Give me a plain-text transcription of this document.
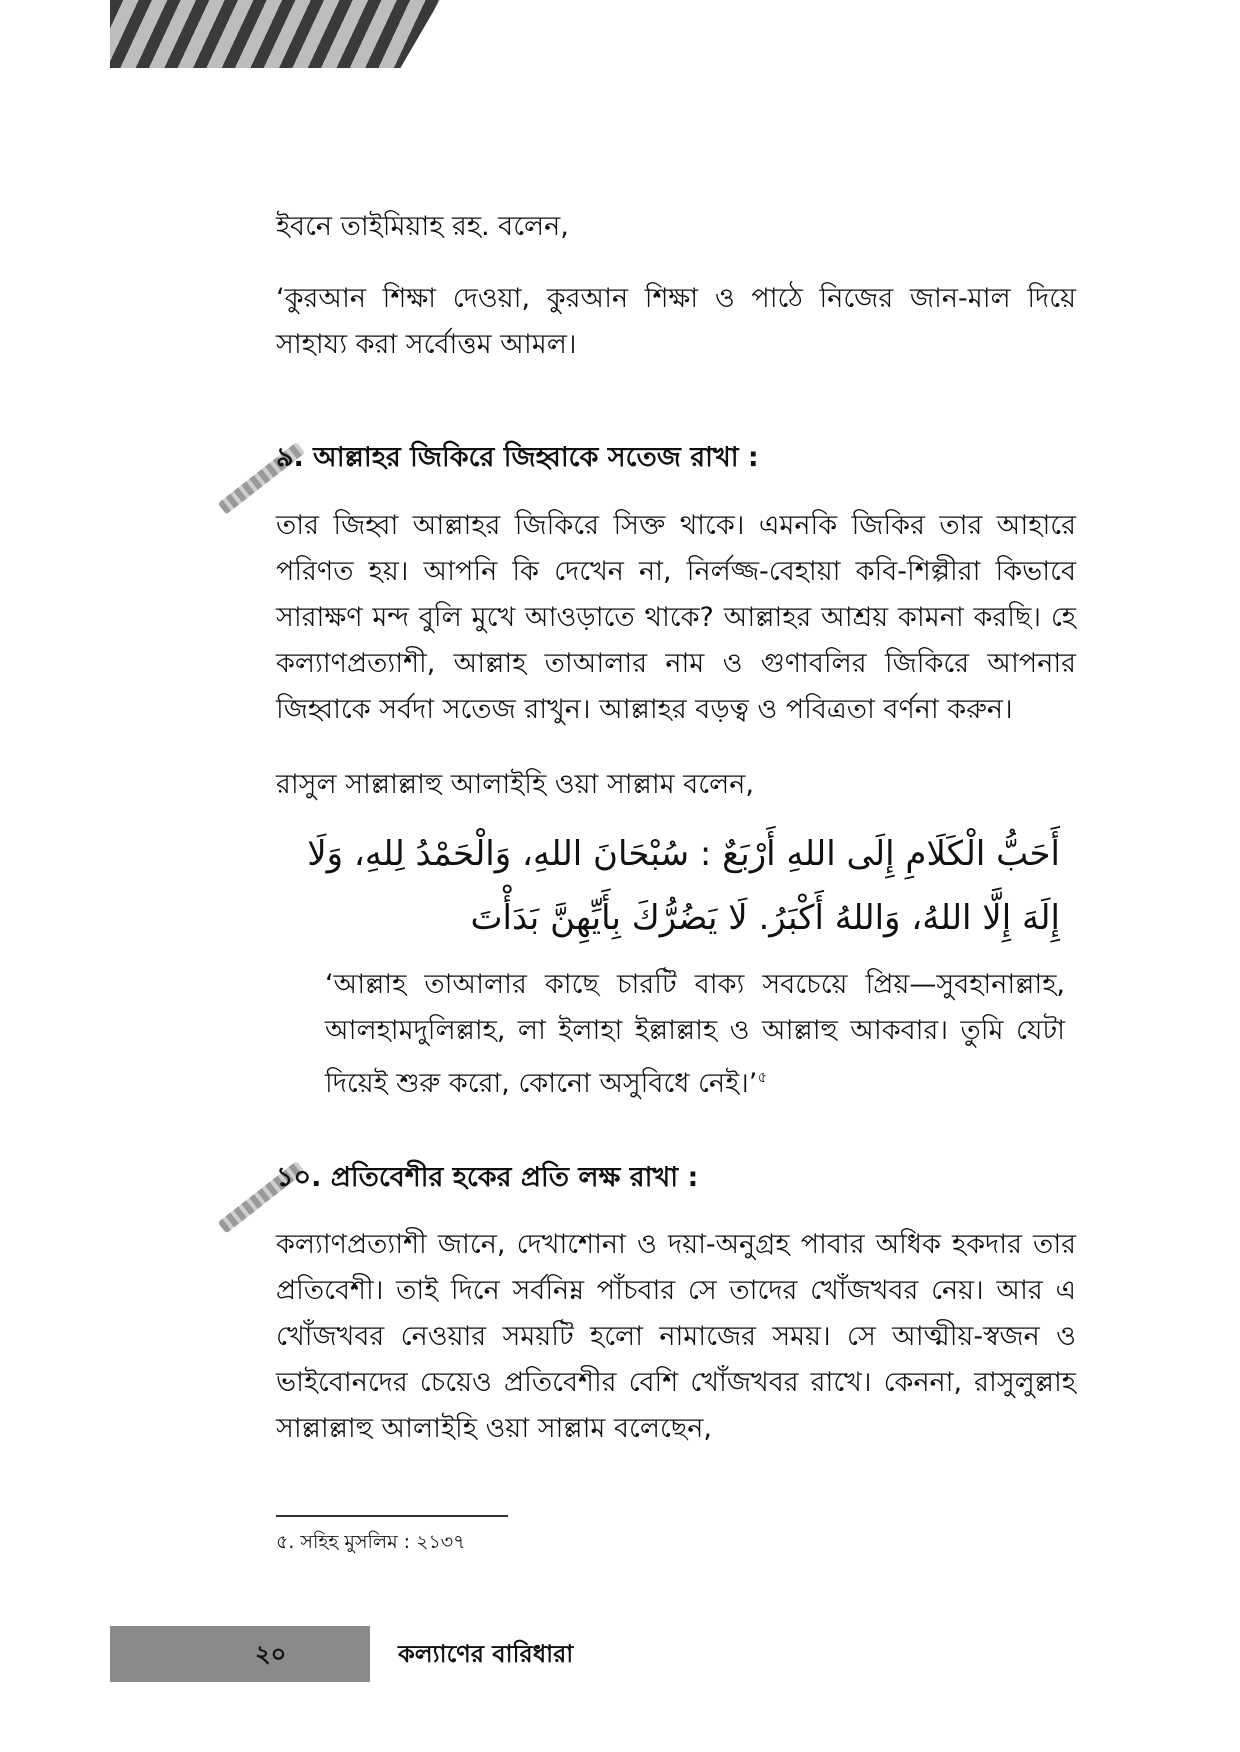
ইবনে তাইমিয়াহ রহ. বলেন,

‘কুরআন শিক্ষা দেওয়া, কুরআন শিক্ষা ও পাঠে নিজের জান-মাল দিয়ে সাহায্য করা সর্বোত্তম আমল।

৯. আল্লাহর জিকিরে জিহ্বাকে সতেজ রাখা :

তার জিহ্বা আল্লাহর জিকিরে সিক্ত থাকে। এমনকি জিকির তার আহারে পরিণত হয়। আপনি কি দেখেন না, নির্লজ্জ-বেহায়া কবি-শিল্পীরা কিভাবে সারাক্ষণ মন্দ বুলি মুখে আওড়াতে থাকে? আল্লাহর আশ্রয় কামনা করছি। হে কল্যাণপ্রত্যাশী, আল্লাহ তাআলার নাম ও গুণাবলির জিকিরে আপনার জিহ্বাকে সর্বদা সতেজ রাখুন। আল্লাহর বড়ত্ব ও পবিত্রতা বর্ণনা করুন।

রাসুল সাল্লাল্লাহু আলাইহি ওয়া সাল্লাম বলেন,

أَحَبُّ الْكَلَامِ إِلَى اللهِ أَرْبَعٌ : سُبْحَانَ اللهِ، وَالْحَمْدُ لِلهِ، وَلَا إِلَهَ إِلَّا اللهُ، وَاللهُ أَكْبَرُ. لَا يَضُرُّكَ بِأَيِّهِنَّ بَدَأْتَ

‘আল্লাহ তাআলার কাছে চারটি বাক্য সবচেয়ে প্রিয়—সুবহানাল্লাহ, আলহামদুলিল্লাহ, লা ইলাহা ইল্লাল্লাহ ও আল্লাহু আকবার। তুমি যেটা দিয়েই শুরু করো, কোনো অসুবিধে নেই।’$^৫$

১০. প্রতিবেশীর হকের প্রতি লক্ষ রাখা :

কল্যাণপ্রত্যাশী জানে, দেখাশোনা ও দয়া-অনুগ্রহ পাবার অধিক হকদার তার প্রতিবেশী। তাই দিনে সর্বনিম্ন পাঁচবার সে তাদের খোঁজখবর নেয়। আর এ খোঁজখবর নেওয়ার সময়টি হলো নামাজের সময়। সে আত্মীয়-স্বজন ও ভাইবোনদের চেয়েও প্রতিবেশীর বেশি খোঁজখবর রাখে। কেননা, রাসুলুল্লাহ সাল্লাল্লাহু আলাইহি ওয়া সাল্লাম বলেছেন,

৫. সহিহ মুসলিম : ২১৩৭

২০	কল্যাণের বারিধারা
